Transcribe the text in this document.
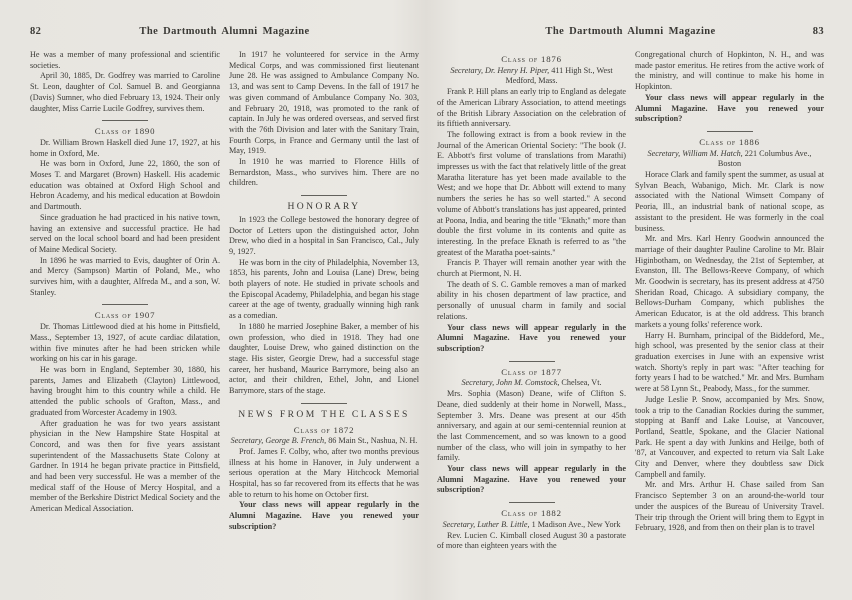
82	The Dartmouth Alumni Magazine

He was a member of many professional and scientific societies.

April 30, 1885, Dr. Godfrey was married to Caroline St. Leon, daughter of Col. Samuel B. and Georgianna (Davis) Sumner, who died February 13, 1924. Their only daughter, Miss Carrie Lucile Godfrey, survives them.

Class of 1890

Dr. William Brown Haskell died June 17, 1927, at his home in Oxford, Me.

He was born in Oxford, June 22, 1860, the son of Moses T. and Margaret (Brown) Haskell. His academic education was obtained at Oxford High School and Hebron Academy, and his medical education at Bowdoin and Dartmouth.

Since graduation he had practiced in his native town, having an extensive and successful practice. He had served on the local school board and had been president of Maine Medical Society.

In 1896 he was married to Evis, daughter of Orin A. and Mercy (Sampson) Martin of Poland, Me., who survives him, with a daughter, Alfreda M., and a son, W. Stanley.

Class of 1907

Dr. Thomas Littlewood died at his home in Pittsfield, Mass., September 13, 1927, of acute cardiac dilatation, within five minutes after he had been stricken while working on his car in his garage.

He was born in England, September 30, 1880, his parents, James and Elizabeth (Clayton) Littlewood, having brought him to this country while a child. He attended the public schools of Grafton, Mass., and graduated from Worcester Academy in 1903.

After graduation he was for two years assistant physician in the New Hampshire State Hospital at Concord, and was then for five years assistant superintendent of the Massachusetts State Colony at Gardner. In 1914 he began private practice in Pittsfield, and had been very successful. He was a member of the medical staff of the House of Mercy Hospital, and a member of the Berkshire District Medical Society and the American Medical Association.

In 1917 he volunteered for service in the Army Medical Corps, and was commissioned first lieutenant June 28. He was assigned to Ambulance Company No. 13, and was sent to Camp Devens. In the fall of 1917 he was given command of Ambulance Company No. 303, and February 20, 1918, was promoted to the rank of captain. In July he was ordered overseas, and served first with the 76th Division and later with the Sanitary Train, Fourth Corps, in France and Germany until the last of May, 1919.

In 1910 he was married to Florence Hills of Bernardston, Mass., who survives him. There are no children.

HONORARY

In 1923 the College bestowed the honorary degree of Doctor of Letters upon the distinguished actor, John Drew, who died in a hospital in San Francisco, Cal., July 9, 1927.

He was born in the city of Philadelphia, November 13, 1853, his parents, John and Louisa (Lane) Drew, being both players of note. He studied in private schools and the Episcopal Academy, Philadelphia, and began his stage career at the age of twenty, gradually winning high rank as a comedian.

In 1880 he married Josephine Baker, a member of his own profession, who died in 1918. They had one daughter, Louise Drew, who gained distinction on the stage. His sister, Georgie Drew, had a successful stage career, her husband, Maurice Barrymore, being also an actor, and their children, Ethel, John, and Lionel Barrymore, stars of the stage.

NEWS FROM THE CLASSES
Class of 1872
Secretary, George B. French, 86 Main St., Nashua, N. H.

Prof. James F. Colby, who, after two months previous illness at his home in Hanover, in July underwent a serious operation at the Mary Hitchcock Memorial Hospital, has so far recovered from its effects that he was able to return to his home on October first.

Your class news will appear regularly in the Alumni Magazine. Have you renewed your subscription?

The Dartmouth Alumni Magazine	83
Class of 1876
Secretary, Dr. Henry H. Piper, 411 High St., West Medford, Mass.

Frank P. Hill plans an early trip to England as delegate of the American Library Association, to attend meetings of the British Library Association on the celebration of its fiftieth anniversary.

The following extract is from a book review in the Journal of the American Oriental Society: "The book (J. E. Abbott's first volume of translations from Marathi) impresses us with the fact that relatively little of the great Maratha literature has yet been made available to the West; and we hope that Dr. Abbott will extend to many numbers the series he has so well started." A second volume of Abbott's translations has just appeared, printed at Poona, India, and bearing the title "Eknath;" more than double the first volume in its contents and quite as interesting. In the preface Eknath is referred to as "the greatest of the Maratha poet-saints."

Francis P. Thayer will remain another year with the church at Piermont, N. H.

The death of S. C. Gamble removes a man of marked ability in his chosen department of law practice, and personally of unusual charm in family and social relations.

Your class news will appear regularly in the Alumni Magazine. Have you renewed your subscription?

Class of 1877
Secretary, John M. Comstock, Chelsea, Vt.

Mrs. Sophia (Mason) Deane, wife of Clifton S. Deane, died suddenly at their home in Norwell, Mass., September 3. Mrs. Deane was present at our 45th anniversary, and again at our semi-centennial reunion at the last Commencement, and so was known to a good number of the class, who will join in sympathy to her family.

Your class news will appear regularly in the Alumni Magazine. Have you renewed your subscription?

Class of 1882
Secretary, Luther B. Little, 1 Madison Ave., New York

Rev. Lucien C. Kimball closed August 30 a pastorate of more than eighteen years with the

Congregational church of Hopkinton, N. H., and was made pastor emeritus. He retires from the active work of the ministry, and will continue to make his home in Hopkinton.

Your class news will appear regularly in the Alumni Magazine. Have you renewed your subscription?

Class of 1886
Secretary, William M. Hatch, 221 Columbus Ave., Boston

Horace Clark and family spent the summer, as usual at Sylvan Beach, Wabanigo, Mich. Mr. Clark is now associated with the National Wimsett Company of Peoria, Ill., an industrial bank of national scope, as assistant to the president. He was formerly in the coal business.

Mr. and Mrs. Karl Henry Goodwin announced the marriage of their daughter Pauline Caroline to Mr. Blair Higinbotham, on Wednesday, the 21st of September, at Evanston, Ill. The Bellows-Reeve Company, of which Mr. Goodwin is secretary, has its present address at 4750 Sheridan Road, Chicago. A subsidiary company, the Bellows-Durham Company, which publishes the American Educator, is at the old address. This branch markets a young folks' reference work.

Harry H. Burnham, principal of the Biddeford, Me., high school, was presented by the senior class at their graduation exercises in June with an expensive wrist watch. Shorty's reply in part was: "After teaching for forty years I had to be watched." Mr. and Mrs. Burnham were at 58 Lynn St., Peabody, Mass., for the summer.

Judge Leslie P. Snow, accompanied by Mrs. Snow, took a trip to the Canadian Rockies during the summer, stopping at Banff and Lake Louise, at Vancouver, Portland, Seattle, Spokane, and the Glacier National Park. He spent a day with Junkins and Heilge, both of '87, at Vancouver, and expected to return via Salt Lake City and Denver, where they doubtless saw Dick Campbell and family.

Mr. and Mrs. Arthur H. Chase sailed from San Francisco September 3 on an around-the-world tour under the auspices of the Bureau of University Travel. Their trip through the Orient will bring them to Egypt in February, 1928, and from then on their plan is to travel
